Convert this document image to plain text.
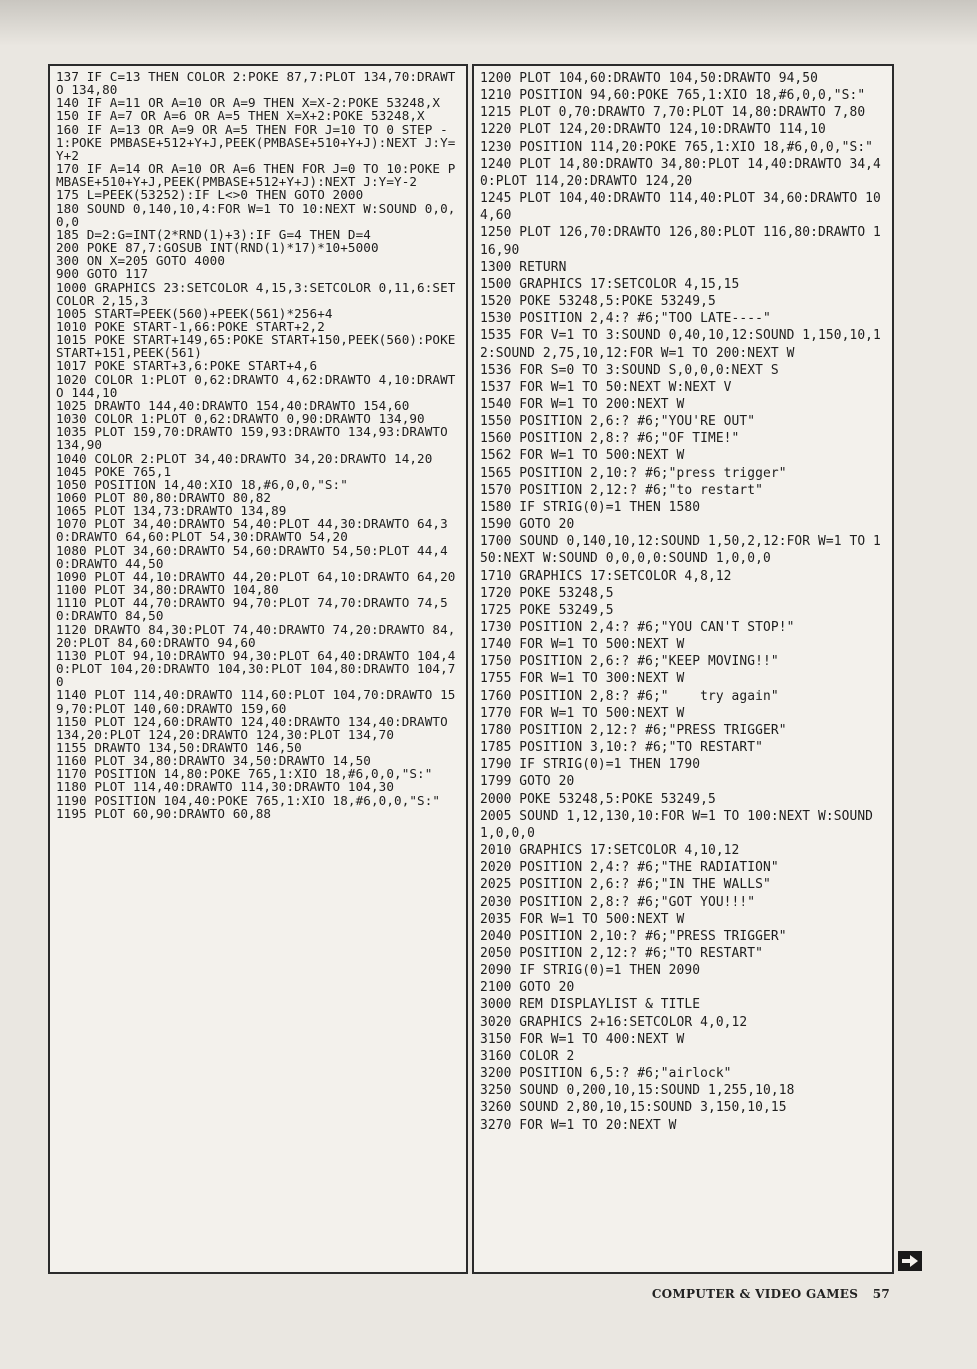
137 IF C=13 THEN COLOR 2:POKE 87,7:PLOT 134,70:DRAWTO 134,80
140 IF A=11 OR A=10 OR A=9 THEN X=X-2:POKE 53248,X
150 IF A=7 OR A=6 OR A=5 THEN X=X+2:POKE 53248,X
160 IF A=13 OR A=9 OR A=5 THEN FOR J=10 TO 0 STEP -1:POKE PMBASE+512+Y+J,PEEK(PMBASE+510+Y+J):NEXT J:Y=Y+2
170 IF A=14 OR A=10 OR A=6 THEN FOR J=0 TO 10:POKE PMBASE+510+Y+J,PEEK(PMBASE+512+Y+J):NEXT J:Y=Y-2
175 L=PEEK(53252):IF L<>0 THEN GOTO 2000
180 SOUND 0,140,10,4:FOR W=1 TO 10:NEXT W:SOUND 0,0,0,0
185 D=2:G=INT(2*RND(1)+3):IF G=4 THEN D=4
200 POKE 87,7:GOSUB INT(RND(1)*17)*10+5000
300 ON X=205 GOTO 4000
900 GOTO 117
1000 GRAPHICS 23:SETCOLOR 4,15,3:SETCOLOR 0,11,6:SETCOLOR 2,15,3
1005 START=PEEK(560)+PEEK(561)*256+4
1010 POKE START-1,66:POKE START+2,2
1015 POKE START+149,65:POKE START+150,PEEK(560):POKE START+151,PEEK(561)
1017 POKE START+3,6:POKE START+4,6
1020 COLOR 1:PLOT 0,62:DRAWTO 4,62:DRAWTO 4,10:DRAWTO 144,10
1025 DRAWTO 144,40:DRAWTO 154,40:DRAWTO 154,60
1030 COLOR 1:PLOT 0,62:DRAWTO 0,90:DRAWTO 134,90
1035 PLOT 159,70:DRAWTO 159,93:DRAWTO 134,93:DRAWTO 134,90
1040 COLOR 2:PLOT 34,40:DRAWTO 34,20:DRAWTO 14,20
1045 POKE 765,1
1050 POSITION 14,40:XIO 18,#6,0,0,"S:"
1060 PLOT 80,80:DRAWTO 80,82
1065 PLOT 134,73:DRAWTO 134,89
1070 PLOT 34,40:DRAWTO 54,40:PLOT 44,30:DRAWTO 64,30:DRAWTO 64,60:PLOT 54,30:DRAWTO 54,20
1080 PLOT 34,60:DRAWTO 54,60:DRAWTO 54,50:PLOT 44,40:DRAWTO 44,50
1090 PLOT 44,10:DRAWTO 44,20:PLOT 64,10:DRAWTO 64,20
1100 PLOT 34,80:DRAWTO 104,80
1110 PLOT 44,70:DRAWTO 94,70:PLOT 74,70:DRAWTO 74,50:DRAWTO 84,50
1120 DRAWTO 84,30:PLOT 74,40:DRAWTO 74,20:DRAWTO 84,20:PLOT 84,60:DRAWTO 94,60
1130 PLOT 94,10:DRAWTO 94,30:PLOT 64,40:DRAWTO 104,40:PLOT 104,20:DRAWTO 104,30:PLOT 104,80:DRAWTO 104,70
1140 PLOT 114,40:DRAWTO 114,60:PLOT 104,70:DRAWTO 159,70:PLOT 140,60:DRAWTO 159,60
1150 PLOT 124,60:DRAWTO 124,40:DRAWTO 134,40:DRAWTO 134,20:PLOT 124,20:DRAWTO 124,30:PLOT 134,70
1155 DRAWTO 134,50:DRAWTO 146,50
1160 PLOT 34,80:DRAWTO 34,50:DRAWTO 14,50
1170 POSITION 14,80:POKE 765,1:XIO 18,#6,0,0,"S:"
1180 PLOT 114,40:DRAWTO 114,30:DRAWTO 104,30
1190 POSITION 104,40:POKE 765,1:XIO 18,#6,0,0,"S:"
1195 PLOT 60,90:DRAWTO 60,88
1200 PLOT 104,60:DRAWTO 104,50:DRAWTO 94,50
1210 POSITION 94,60:POKE 765,1:XIO 18,#6,0,0,"S:"
1215 PLOT 0,70:DRAWTO 7,70:PLOT 14,80:DRAWTO 7,80
1220 PLOT 124,20:DRAWTO 124,10:DRAWTO 114,10
1230 POSITION 114,20:POKE 765,1:XIO 18,#6,0,0,"S:"
1240 PLOT 14,80:DRAWTO 34,80:PLOT 14,40:DRAWTO 34,40:PLOT 114,20:DRAWTO 124,20
1245 PLOT 104,40:DRAWTO 114,40:PLOT 34,60:DRAWTO 104,60
1250 PLOT 126,70:DRAWTO 126,80:PLOT 116,80:DRAWTO 116,90
1300 RETURN
1500 GRAPHICS 17:SETCOLOR 4,15,15
1520 POKE 53248,5:POKE 53249,5
1530 POSITION 2,4:? #6;"TOO LATE----"
1535 FOR V=1 TO 3:SOUND 0,40,10,12:SOUND 1,150,10,12:SOUND 2,75,10,12:FOR W=1 TO 200:NEXT W
1536 FOR S=0 TO 3:SOUND S,0,0,0:NEXT S
1537 FOR W=1 TO 50:NEXT W:NEXT V
1540 FOR W=1 TO 200:NEXT W
1550 POSITION 2,6:? #6;"YOU'RE OUT"
1560 POSITION 2,8:? #6;"OF TIME!"
1562 FOR W=1 TO 500:NEXT W
1565 POSITION 2,10:? #6;"press trigger"
1570 POSITION 2,12:? #6;"to restart"
1580 IF STRIG(0)=1 THEN 1580
1590 GOTO 20
1700 SOUND 0,140,10,12:SOUND 1,50,2,12:FOR W=1 TO 150:NEXT W:SOUND 0,0,0,0:SOUND 1,0,0,0
1710 GRAPHICS 17:SETCOLOR 4,8,12
1720 POKE 53248,5
1725 POKE 53249,5
1730 POSITION 2,4:? #6;"YOU CAN'T STOP!"
1740 FOR W=1 TO 500:NEXT W
1750 POSITION 2,6:? #6;"KEEP MOVING!!"
1755 FOR W=1 TO 300:NEXT W
1760 POSITION 2,8:? #6;"    try again"
1770 FOR W=1 TO 500:NEXT W
1780 POSITION 2,12:? #6;"PRESS TRIGGER"
1785 POSITION 3,10:? #6;"TO RESTART"
1790 IF STRIG(0)=1 THEN 1790
1799 GOTO 20
2000 POKE 53248,5:POKE 53249,5
2005 SOUND 1,12,130,10:FOR W=1 TO 100:NEXT W:SOUND 1,0,0,0
2010 GRAPHICS 17:SETCOLOR 4,10,12
2020 POSITION 2,4:? #6;"THE RADIATION"
2025 POSITION 2,6:? #6;"IN THE WALLS"
2030 POSITION 2,8:? #6;"GOT YOU!!!"
2035 FOR W=1 TO 500:NEXT W
2040 POSITION 2,10:? #6;"PRESS TRIGGER"
2050 POSITION 2,12:? #6;"TO RESTART"
2090 IF STRIG(0)=1 THEN 2090
2100 GOTO 20
3000 REM DISPLAYLIST & TITLE
3020 GRAPHICS 2+16:SETCOLOR 4,0,12
3150 FOR W=1 TO 400:NEXT W
3160 COLOR 2
3200 POSITION 6,5:? #6;"airlock"
3250 SOUND 0,200,10,15:SOUND 1,255,10,18
3260 SOUND 2,80,10,15:SOUND 3,150,10,15
3270 FOR W=1 TO 20:NEXT W
COMPUTER & VIDEO GAMES 57
